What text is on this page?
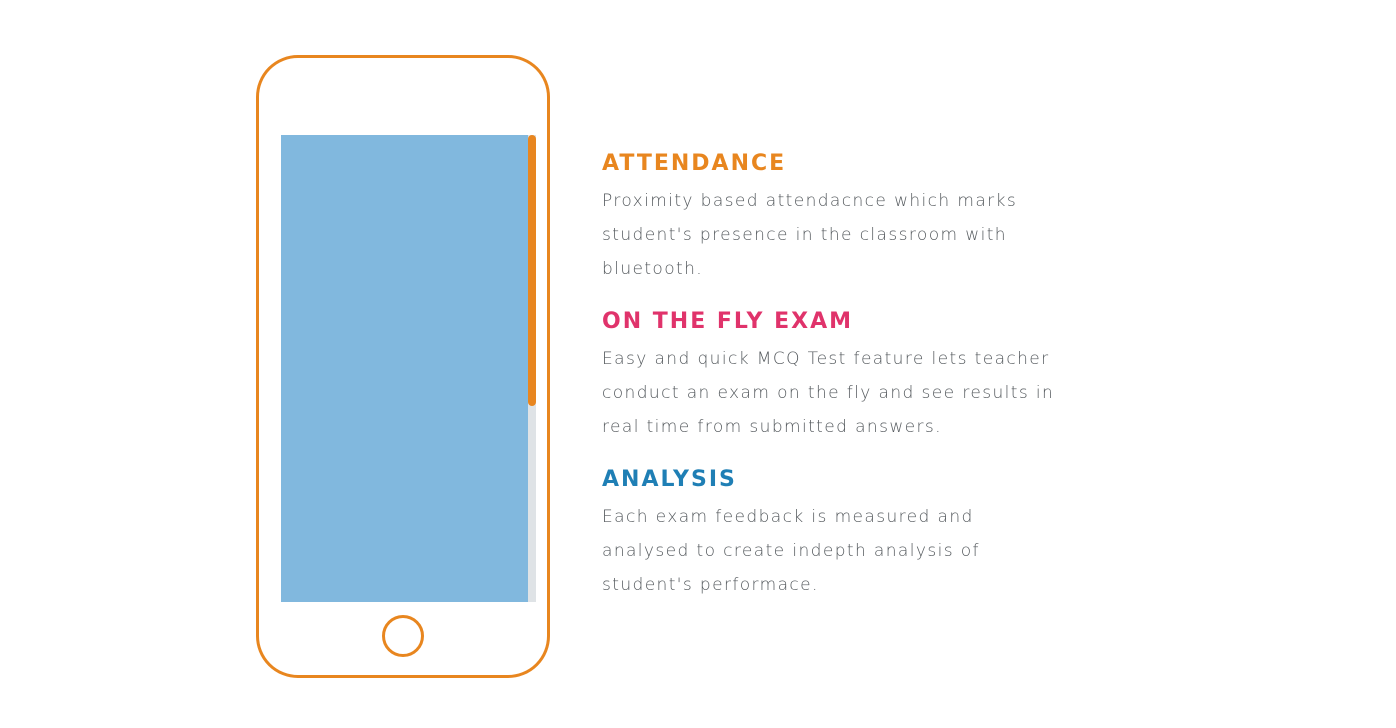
ATTENDANCE

Proximity based attendacnce which marks
student's presence in the classroom with
bluetooth.

ON THE FLY EXAM

Easy and quick MCQ Test feature lets teacher
conduct an exam on the fly and see results in
real time from submitted answers.

ANALYSIS

Each exam feedback is measured and
analysed to create indepth analysis of
student's performace.
